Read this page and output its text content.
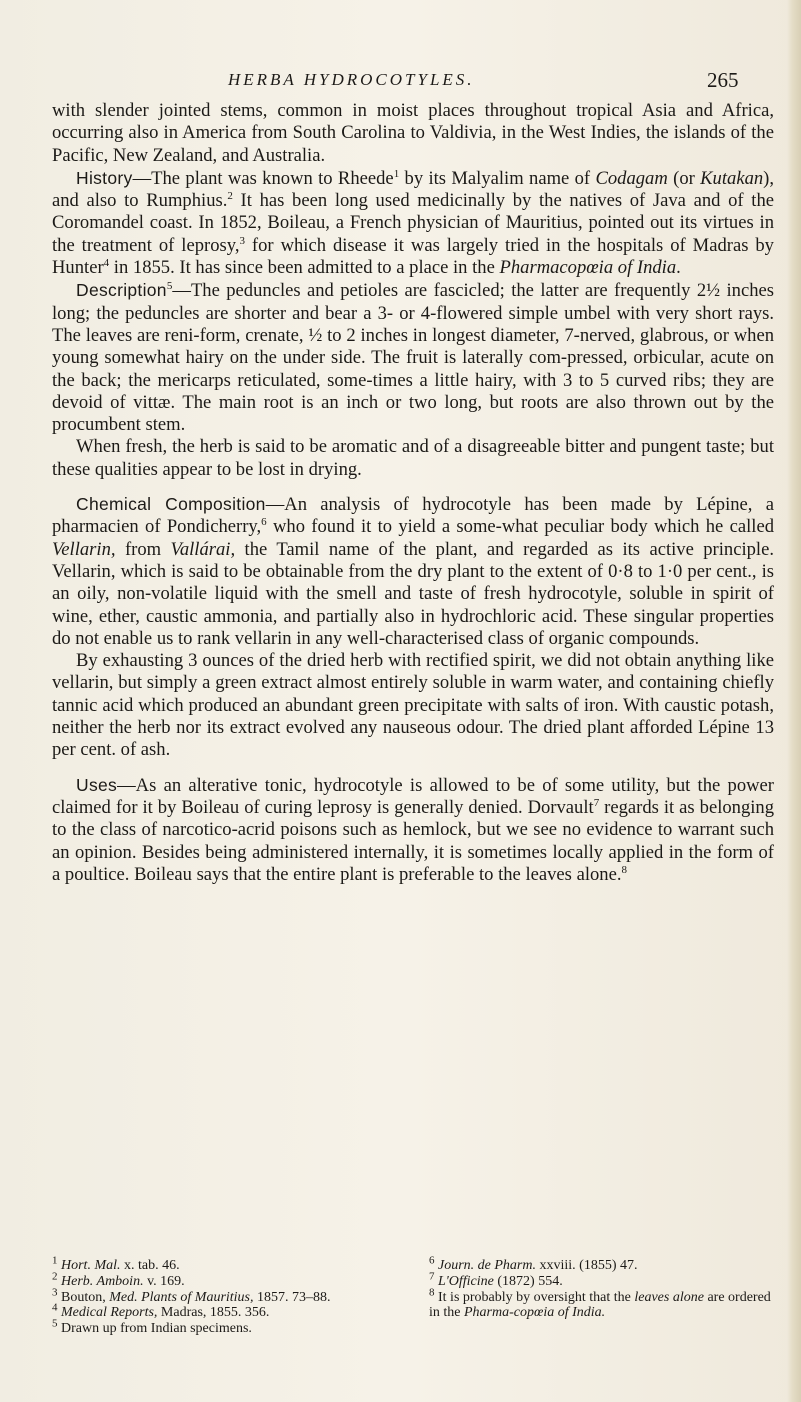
HERBA HYDROCOTYLES.	265

with slender jointed stems, common in moist places throughout tropical Asia and Africa, occurring also in America from South Carolina to Valdivia, in the West Indies, the islands of the Pacific, New Zealand, and Australia.

History—The plant was known to Rheede$^1$ by its Malyalim name of Codagam (or Kutakan), and also to Rumphius.$^2$ It has been long used medicinally by the natives of Java and of the Coromandel coast. In 1852, Boileau, a French physician of Mauritius, pointed out its virtues in the treatment of leprosy,$^3$ for which disease it was largely tried in the hospitals of Madras by Hunter$^4$ in 1855. It has since been admitted to a place in the Pharmacopœia of India.

Description$^5$—The peduncles and petioles are fascicled; the latter are frequently 2½ inches long; the peduncles are shorter and bear a 3- or 4-flowered simple umbel with very short rays. The leaves are reni-form, crenate, ½ to 2 inches in longest diameter, 7-nerved, glabrous, or when young somewhat hairy on the under side. The fruit is laterally com-pressed, orbicular, acute on the back; the mericarps reticulated, some-times a little hairy, with 3 to 5 curved ribs; they are devoid of vittæ. The main root is an inch or two long, but roots are also thrown out by the procumbent stem.

When fresh, the herb is said to be aromatic and of a disagreeable bitter and pungent taste; but these qualities appear to be lost in drying.

Chemical Composition—An analysis of hydrocotyle has been made by Lépine, a pharmacien of Pondicherry,$^6$ who found it to yield a some-what peculiar body which he called Vellarin, from Vallárai, the Tamil name of the plant, and regarded as its active principle. Vellarin, which is said to be obtainable from the dry plant to the extent of 0·8 to 1·0 per cent., is an oily, non-volatile liquid with the smell and taste of fresh hydrocotyle, soluble in spirit of wine, ether, caustic ammonia, and partially also in hydrochloric acid. These singular properties do not enable us to rank vellarin in any well-characterised class of organic compounds.

By exhausting 3 ounces of the dried herb with rectified spirit, we did not obtain anything like vellarin, but simply a green extract almost entirely soluble in warm water, and containing chiefly tannic acid which produced an abundant green precipitate with salts of iron. With caustic potash, neither the herb nor its extract evolved any nauseous odour. The dried plant afforded Lépine 13 per cent. of ash.

Uses—As an alterative tonic, hydrocotyle is allowed to be of some utility, but the power claimed for it by Boileau of curing leprosy is generally denied. Dorvault$^7$ regards it as belonging to the class of narcotico-acrid poisons such as hemlock, but we see no evidence to warrant such an opinion. Besides being administered internally, it is sometimes locally applied in the form of a poultice. Boileau says that the entire plant is preferable to the leaves alone.$^8$

$^1$ Hort. Mal. x. tab. 46.

$^2$ Herb. Amboin. v. 169.

$^3$ Bouton, Med. Plants of Mauritius, 1857. 73–88.

$^4$ Medical Reports, Madras, 1855. 356.

$^5$ Drawn up from Indian specimens.

$^6$ Journ. de Pharm. xxviii. (1855) 47.

$^7$ L'Officine (1872) 554.

$^8$ It is probably by oversight that the leaves alone are ordered in the Pharma-copœia of India.
